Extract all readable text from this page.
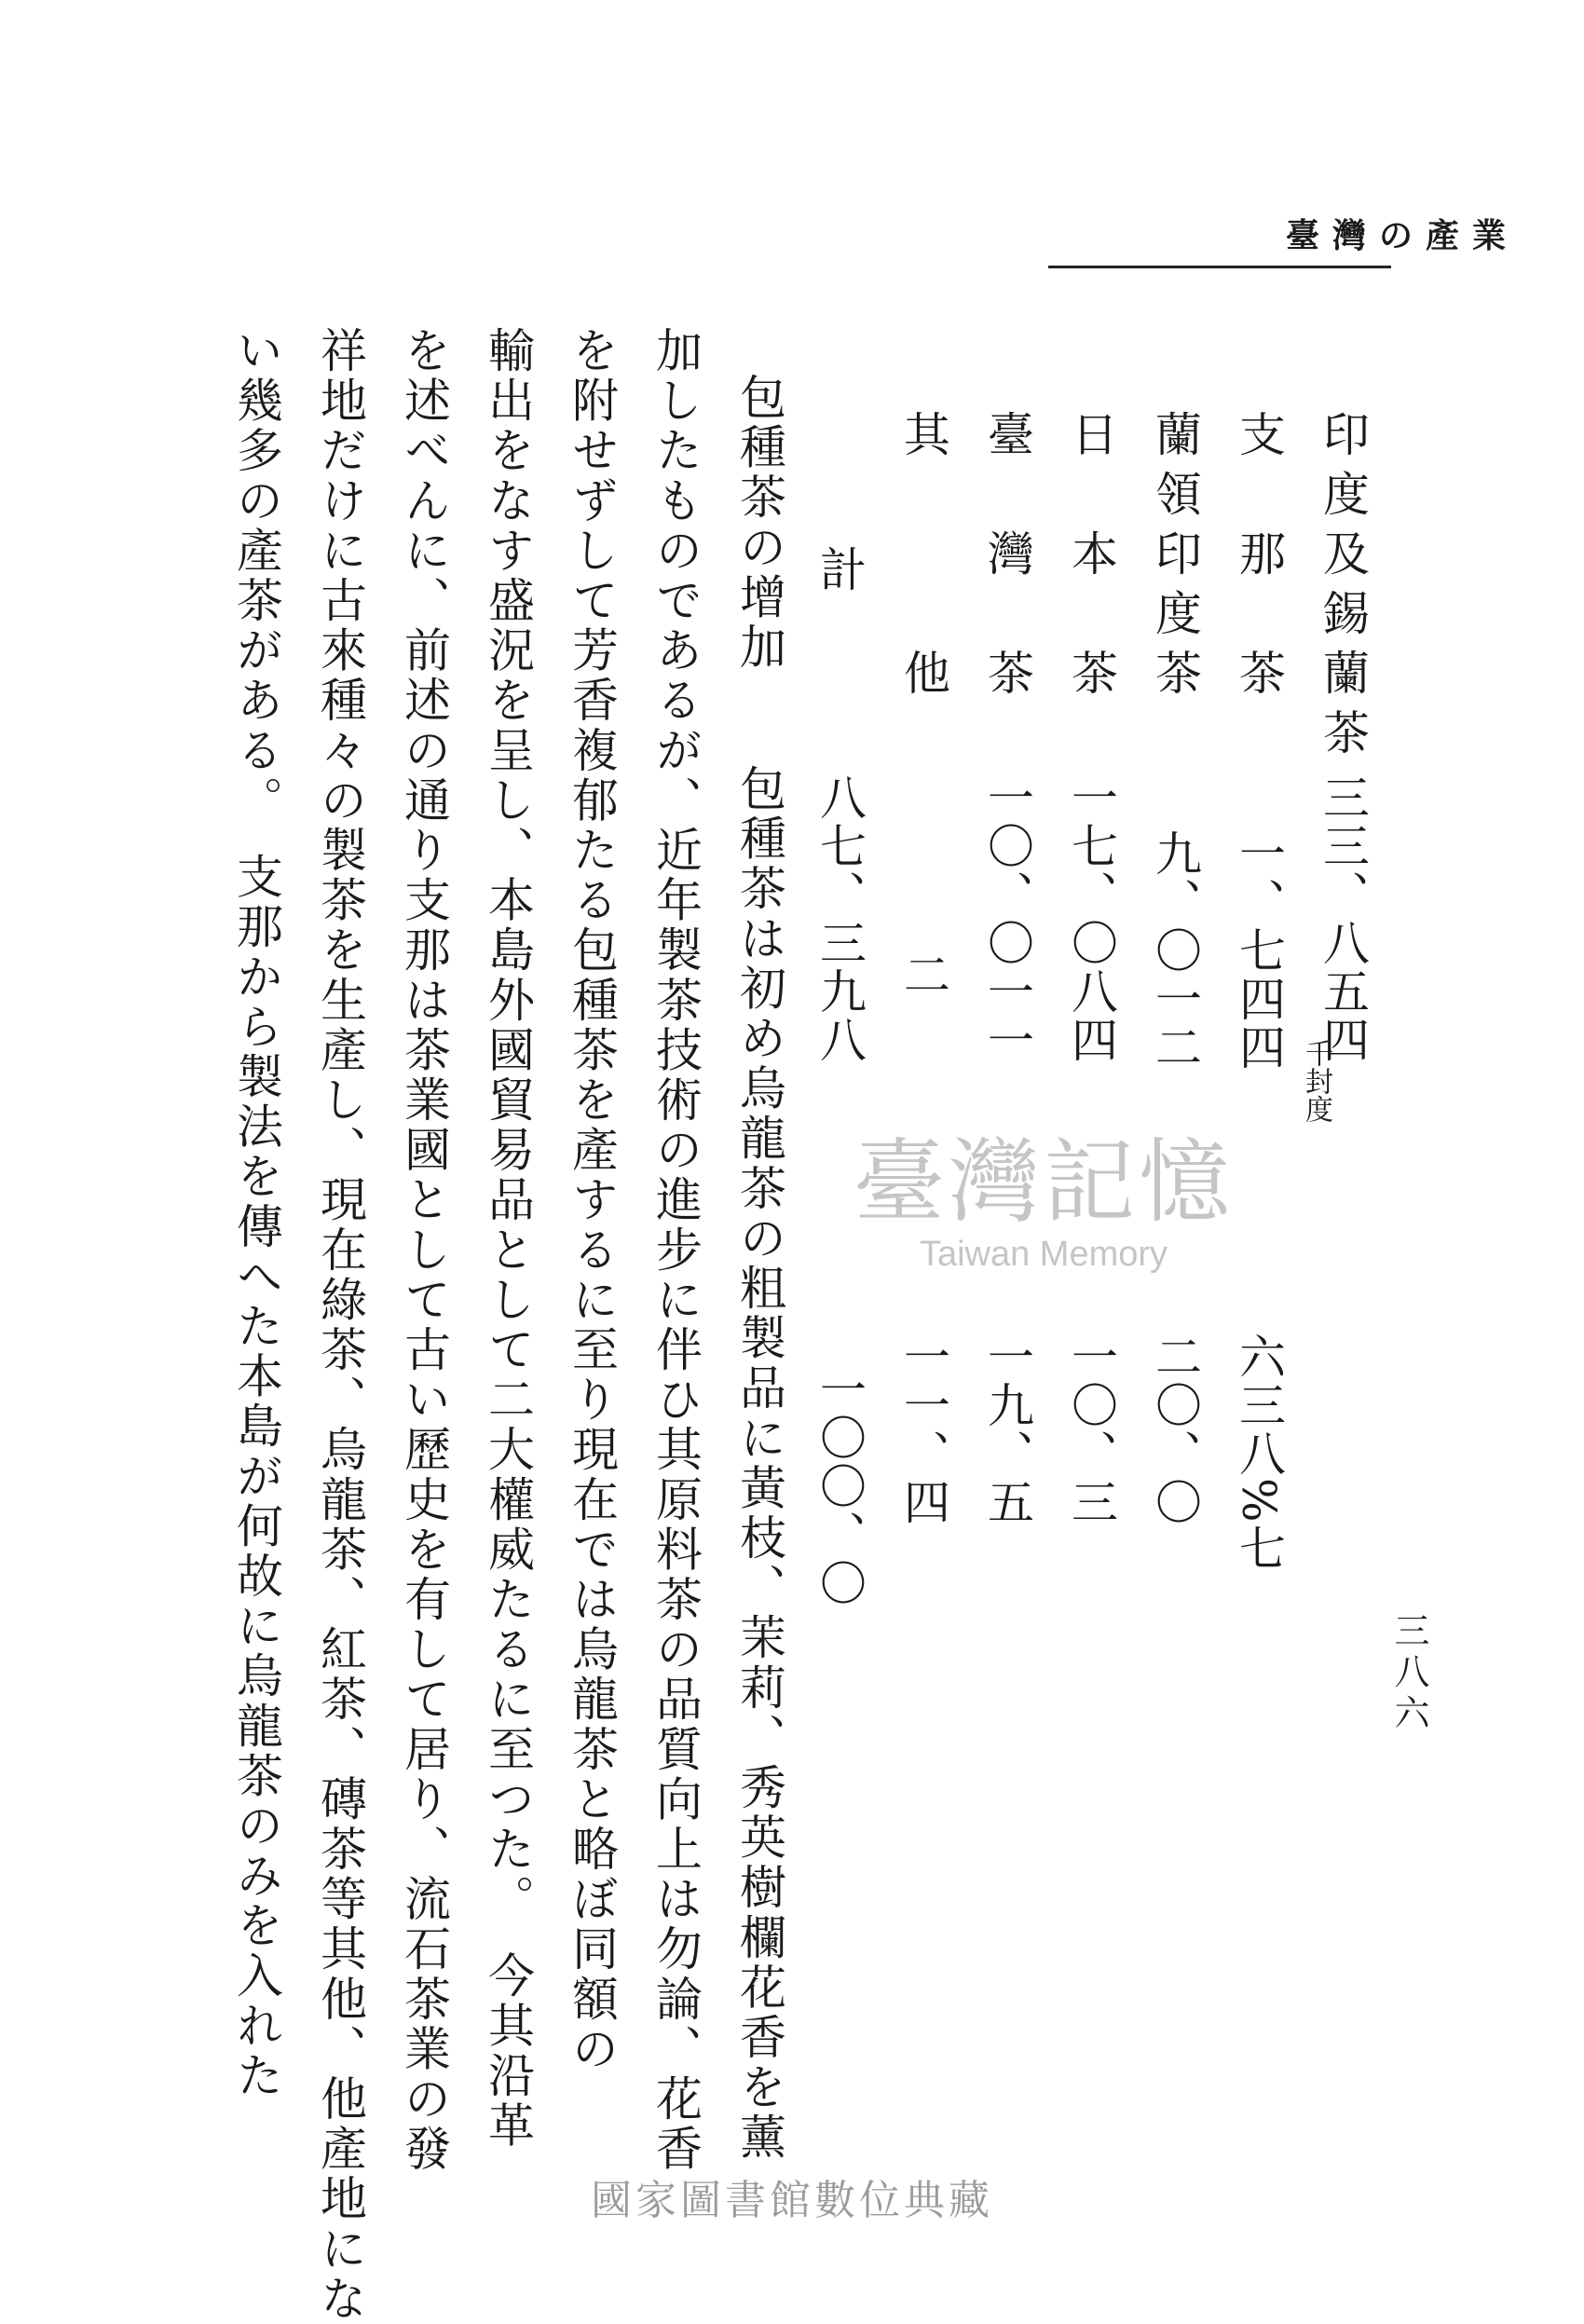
臺灣の產業
三八六
千封度
印度及錫蘭茶
支　那　茶
蘭領印度茶
日　本　茶
臺　灣　茶
其　　　他
計
三三、八五四
一、七四四
九、〇一二
一七、〇八四
一〇、〇一一
二
八七、三九八
六三八%七
二〇、〇
一〇、三
一九、五
一一、四
一〇〇、〇
包種茶の增加
包種茶は初め烏龍茶の粗製品に黃枝、茉莉、秀英樹欄花香を薰
加したものであるが、近年製茶技術の進步に伴ひ其原料茶の品質向上は勿論、花香
を附せずして芳香複郁たる包種茶を產するに至り現在では烏龍茶と略ぼ同額の
輸出をなす盛況を呈し、本島外國貿易品として二大權威たるに至つた。　今其沿革
を述べんに、前述の通り支那は茶業國として古い歷史を有して居り、流石茶業の發
祥地だけに古來種々の製茶を生產し、現在綠茶、烏龍茶、紅茶、磚茶等其他、他產地にな
い幾多の產茶がある。　支那から製法を傳へた本島が何故に烏龍茶のみを入れた	臺灣記憶
Taiwan Memory
國家圖書館數位典藏
